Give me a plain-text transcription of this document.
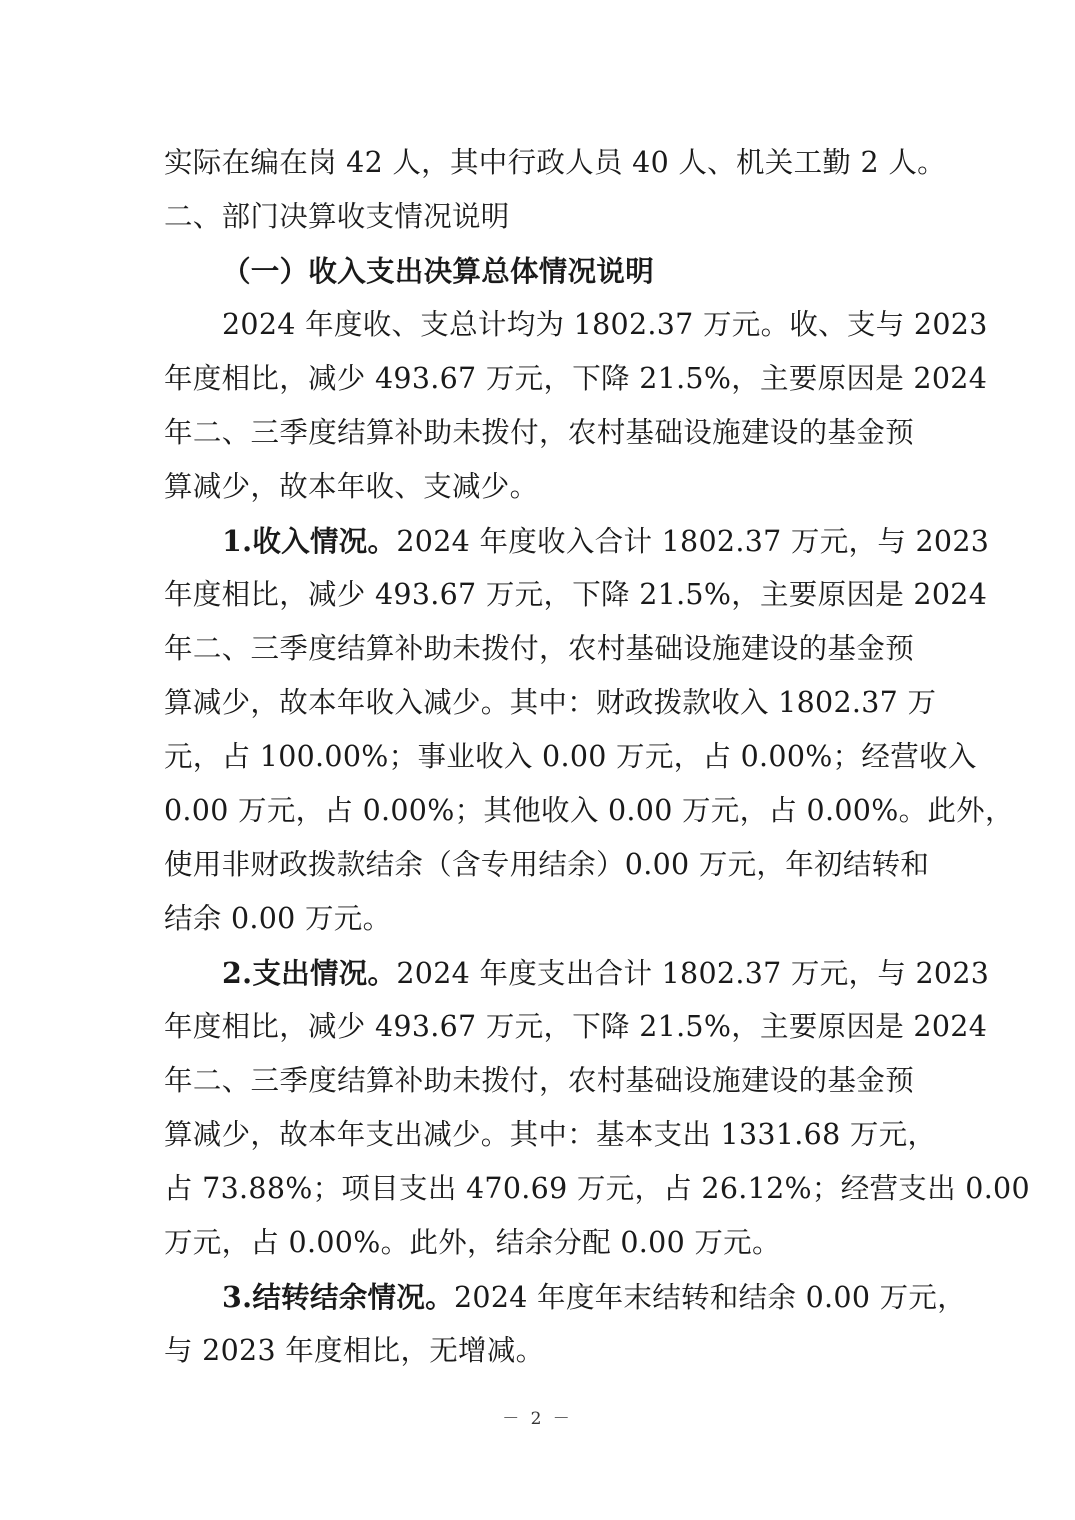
实际在编在岗 42 人，其中行政人员 40 人、机关工勤 2 人。
二、部门决算收支情况说明
（一）收入支出决算总体情况说明
2024 年度收、支总计均为 1802.37 万元。收、支与 2023
年度相比，减少 493.67 万元，下降 21.5%，主要原因是 2024
年二、三季度结算补助未拨付，农村基础设施建设的基金预
算减少，故本年收、支减少。
1.收入情况。2024 年度收入合计 1802.37 万元，与 2023
年度相比，减少 493.67 万元，下降 21.5%，主要原因是 2024
年二、三季度结算补助未拨付，农村基础设施建设的基金预
算减少，故本年收入减少。其中：财政拨款收入 1802.37 万
元，占 100.00%；事业收入 0.00 万元，占 0.00%；经营收入
0.00 万元，占 0.00%；其他收入 0.00 万元，占 0.00%。此外，
使用非财政拨款结余（含专用结余）0.00 万元，年初结转和
结余 0.00 万元。
2.支出情况。2024 年度支出合计 1802.37 万元，与 2023
年度相比，减少 493.67 万元，下降 21.5%，主要原因是 2024
年二、三季度结算补助未拨付，农村基础设施建设的基金预
算减少，故本年支出减少。其中：基本支出 1331.68 万元，
占 73.88%；项目支出 470.69 万元，占 26.12%；经营支出 0.00
万元，占 0.00%。此外，结余分配 0.00 万元。
3.结转结余情况。2024 年度年末结转和结余 0.00 万元，
与 2023 年度相比，无增减。
－ 2 －
